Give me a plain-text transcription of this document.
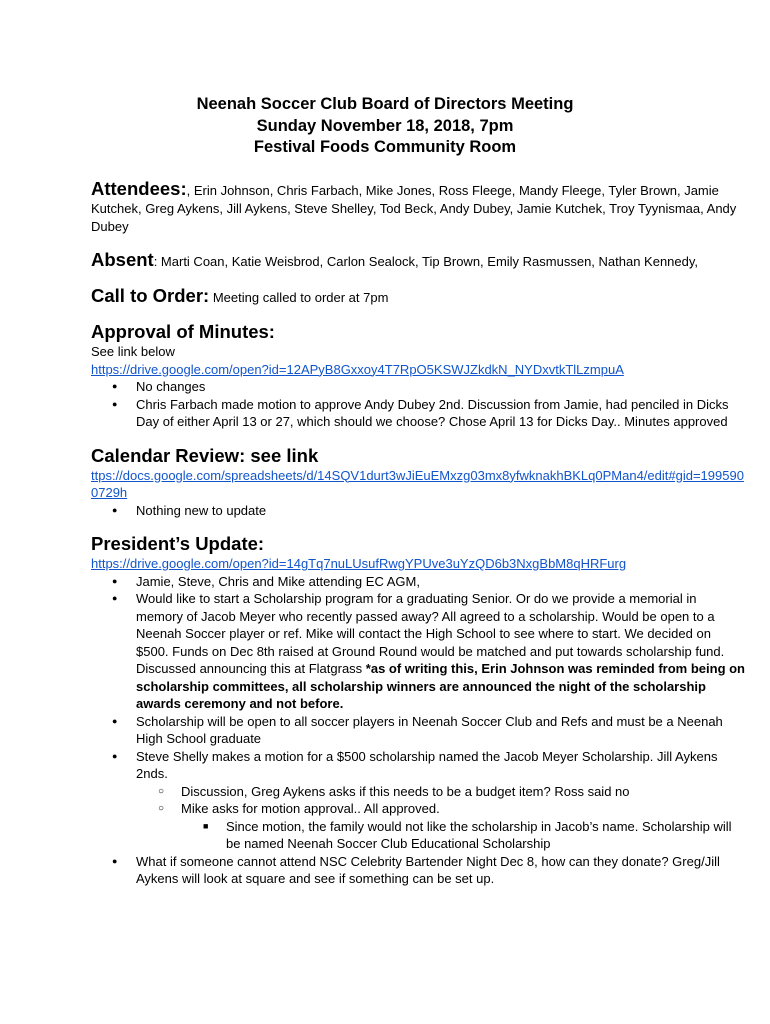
Neenah Soccer Club Board of Directors Meeting
Sunday November 18, 2018, 7pm
Festival Foods Community Room

Attendees:, Erin Johnson, Chris Farbach, Mike Jones, Ross Fleege, Mandy Fleege, Tyler Brown, Jamie Kutchek, Greg Aykens, Jill Aykens, Steve Shelley, Tod Beck, Andy Dubey, Jamie Kutchek, Troy Tyynismaa, Andy Dubey

Absent: Marti Coan, Katie Weisbrod, Carlon Sealock, Tip Brown, Emily Rasmussen, Nathan Kennedy,

Call to Order: Meeting called to order at 7pm

Approval of Minutes:
See link below
https://drive.google.com/open?id=12APyB8Gxxoy4T7RpO5KSWJZkdkN_NYDxvtkTlLzmpuA
● No changes
● Chris Farbach made motion to approve Andy Dubey 2nd. Discussion from Jamie, had penciled in Dicks Day of either April 13 or 27, which should we choose? Chose April 13 for Dicks Day.. Minutes approved
Calendar Review: see link
ttps://docs.google.com/spreadsheets/d/14SQV1durt3wJiEuEMxzg03mx8yfwknakhBKLq0PMan4/edit#gid=1995900729h
● Nothing new to update
President’s Update:
https://drive.google.com/open?id=14gTq7nuLUsufRwgYPUve3uYzQD6b3NxgBbM8qHRFurg
● Jamie, Steve, Chris and Mike attending EC AGM,
● Would like to start a Scholarship program for a graduating Senior. Or do we provide a memorial in memory of Jacob Meyer who recently passed away? All agreed to a scholarship. Would be open to a Neenah Soccer player or ref. Mike will contact the High School to see where to start. We decided on $500. Funds on Dec 8th raised at Ground Round would be matched and put towards scholarship fund. Discussed announcing this at Flatgrass *as of writing this, Erin Johnson was reminded from being on scholarship committees, all scholarship winners are announced the night of the scholarship awards ceremony and not before.
● Scholarship will be open to all soccer players in Neenah Soccer Club and Refs and must be a Neenah High School graduate
● Steve Shelly makes a motion for a $500 scholarship named the Jacob Meyer Scholarship. Jill Aykens 2nds.
○ Discussion, Greg Aykens asks if this needs to be a budget item? Ross said no
○ Mike asks for motion approval.. All approved.
■ Since motion, the family would not like the scholarship in Jacob’s name. Scholarship will be named Neenah Soccer Club Educational Scholarship
● What if someone cannot attend NSC Celebrity Bartender Night Dec 8, how can they donate? Greg/Jill Aykens will look at square and see if something can be set up.
